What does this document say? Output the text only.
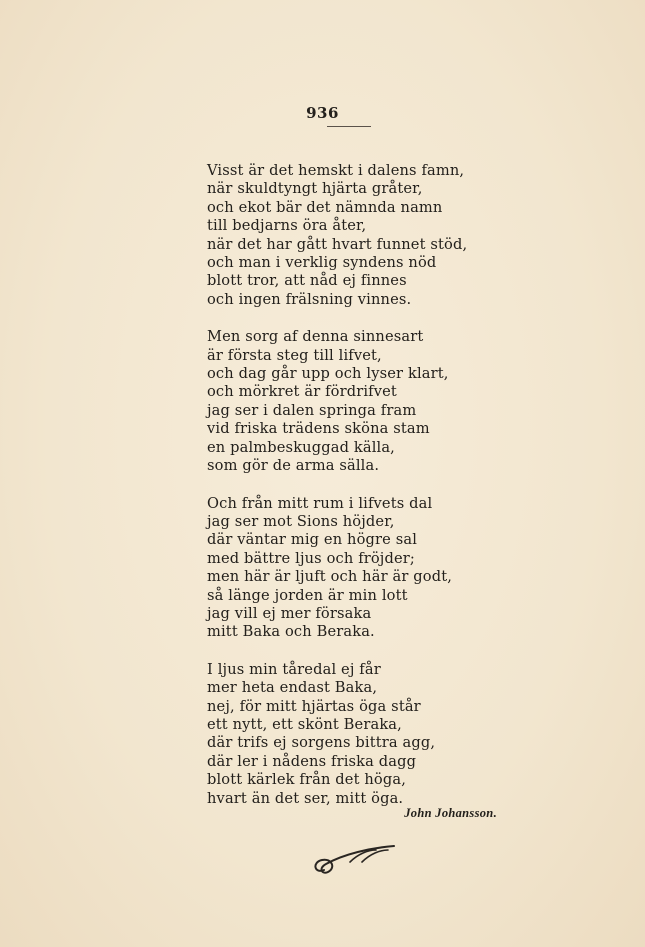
936
Visst är det hemskt i dalens famn,
när skuldtyngt hjärta gråter,
och ekot bär det nämnda namn
till bedjarns öra åter,
när det har gått hvart funnet stöd,
och man i verklig syndens nöd
blott tror, att nåd ej finnes
och ingen frälsning vinnes.
Men sorg af denna sinnesart
är första steg till lifvet,
och dag går upp och lyser klart,
och mörkret är fördrifvet
jag ser i dalen springa fram
vid friska trädens sköna stam
en palmbeskuggad källa,
som gör de arma sälla.
Och från mitt rum i lifvets dal
jag ser mot Sions höjder,
där väntar mig en högre sal
med bättre ljus och fröjder;
men här är ljuft och här är godt,
så länge jorden är min lott
jag vill ej mer försaka
mitt Baka och Beraka.
I ljus min tåredal ej får
mer heta endast Baka,
nej, för mitt hjärtas öga står
ett nytt, ett skönt Beraka,
där trifs ej sorgens bittra agg,
där ler i nådens friska dagg
blott kärlek från det höga,
hvart än det ser, mitt öga.
John Johansson.
